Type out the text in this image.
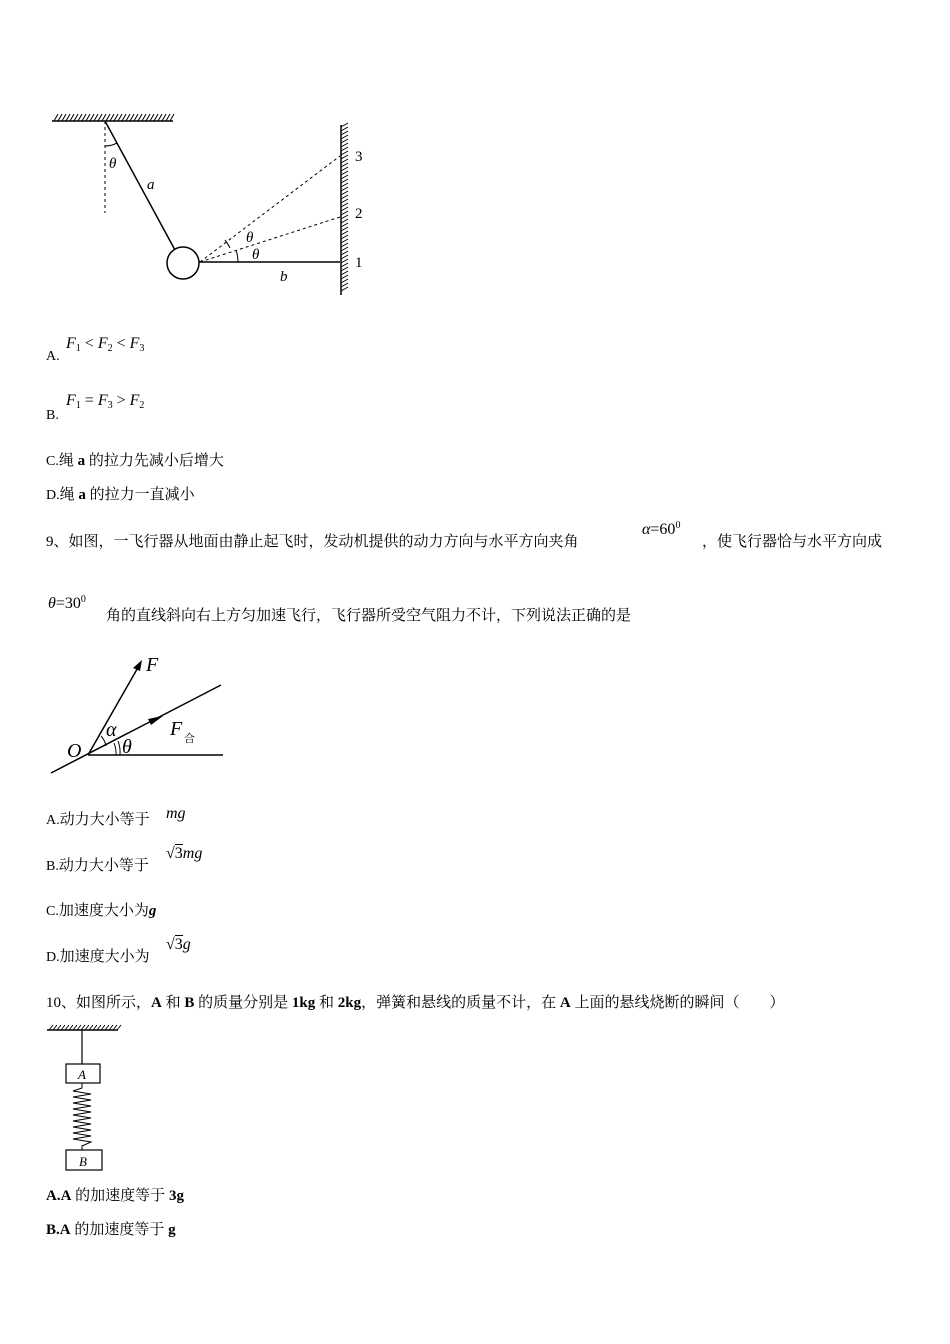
θ
a
θ
θ
b
3
2
1
A.
$F_1 < F_2 < F_3$
B.
$F_1 = F_3 > F_2$
C.绳 a 的拉力先减小后增大
D.绳 a 的拉力一直减小
9、如图，一飞行器从地面由静止起飞时，发动机提供的动力方向与水平方向夹角
$\alpha=60^0$
，使飞行器恰与水平方向成
$\theta=30^0$
角的直线斜向右上方匀加速飞行，飞行器所受空气阻力不计，下列说法正确的是
F
α
O θ
F 合
A.动力大小等于 mg
B.动力大小等于
√3mg
C.加速度大小为g
D.加速度大小为
√3g
10、如图所示，A 和 B 的质量分别是 1kg 和 2kg，弹簧和悬线的质量不计，在 A 上面的悬线烧断的瞬间（　　）
A
B
A.A 的加速度等于 3g
B.A 的加速度等于 g
